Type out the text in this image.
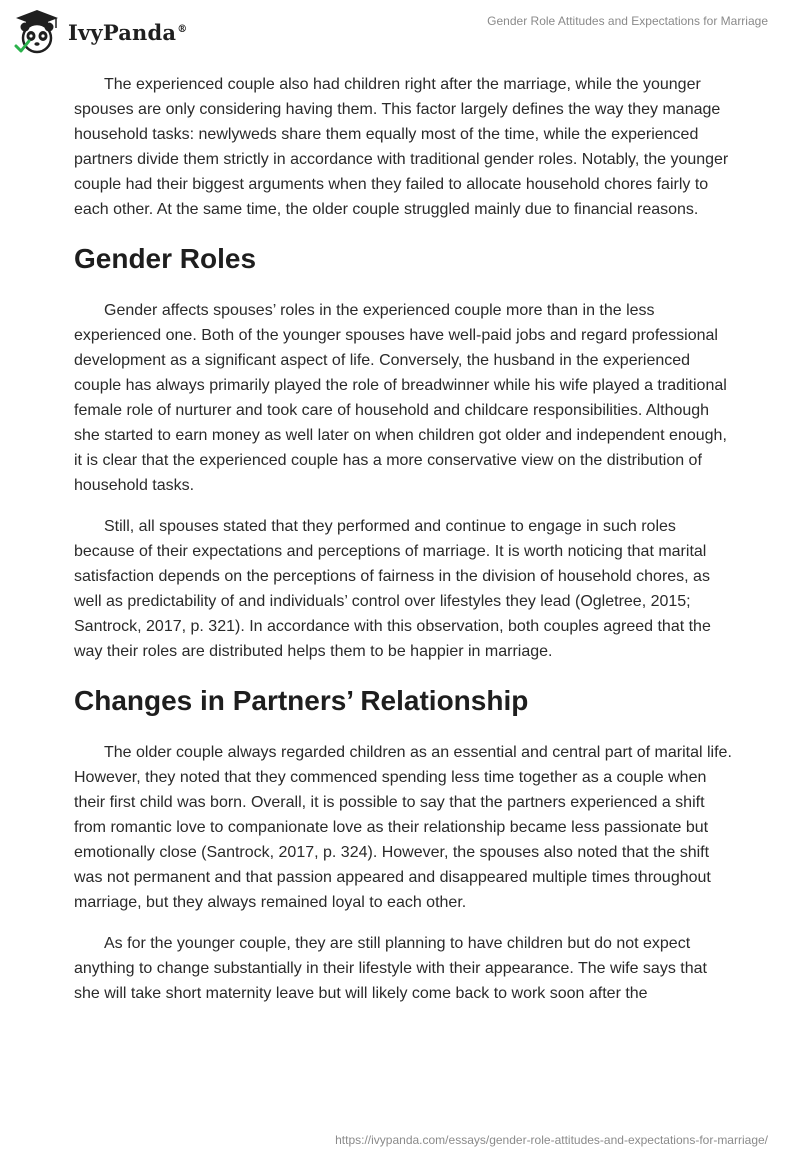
IvyPanda®
Gender Role Attitudes and Expectations for Marriage

The experienced couple also had children right after the marriage, while the younger spouses are only considering having them. This factor largely defines the way they manage household tasks: newlyweds share them equally most of the time, while the experienced partners divide them strictly in accordance with traditional gender roles. Notably, the younger couple had their biggest arguments when they failed to allocate household chores fairly to each other. At the same time, the older couple struggled mainly due to financial reasons.

Gender Roles

Gender affects spouses’ roles in the experienced couple more than in the less experienced one. Both of the younger spouses have well-paid jobs and regard professional development as a significant aspect of life. Conversely, the husband in the experienced couple has always primarily played the role of breadwinner while his wife played a traditional female role of nurturer and took care of household and childcare responsibilities. Although she started to earn money as well later on when children got older and independent enough, it is clear that the experienced couple has a more conservative view on the distribution of household tasks.

Still, all spouses stated that they performed and continue to engage in such roles because of their expectations and perceptions of marriage. It is worth noticing that marital satisfaction depends on the perceptions of fairness in the division of household chores, as well as predictability of and individuals’ control over lifestyles they lead (Ogletree, 2015; Santrock, 2017, p. 321). In accordance with this observation, both couples agreed that the way their roles are distributed helps them to be happier in marriage.

Changes in Partners’ Relationship

The older couple always regarded children as an essential and central part of marital life. However, they noted that they commenced spending less time together as a couple when their first child was born. Overall, it is possible to say that the partners experienced a shift from romantic love to companionate love as their relationship became less passionate but emotionally close (Santrock, 2017, p. 324). However, the spouses also noted that the shift was not permanent and that passion appeared and disappeared multiple times throughout marriage, but they always remained loyal to each other.

As for the younger couple, they are still planning to have children but do not expect anything to change substantially in their lifestyle with their appearance. The wife says that she will take short maternity leave but will likely come back to work soon after the

https://ivypanda.com/essays/gender-role-attitudes-and-expectations-for-marriage/
